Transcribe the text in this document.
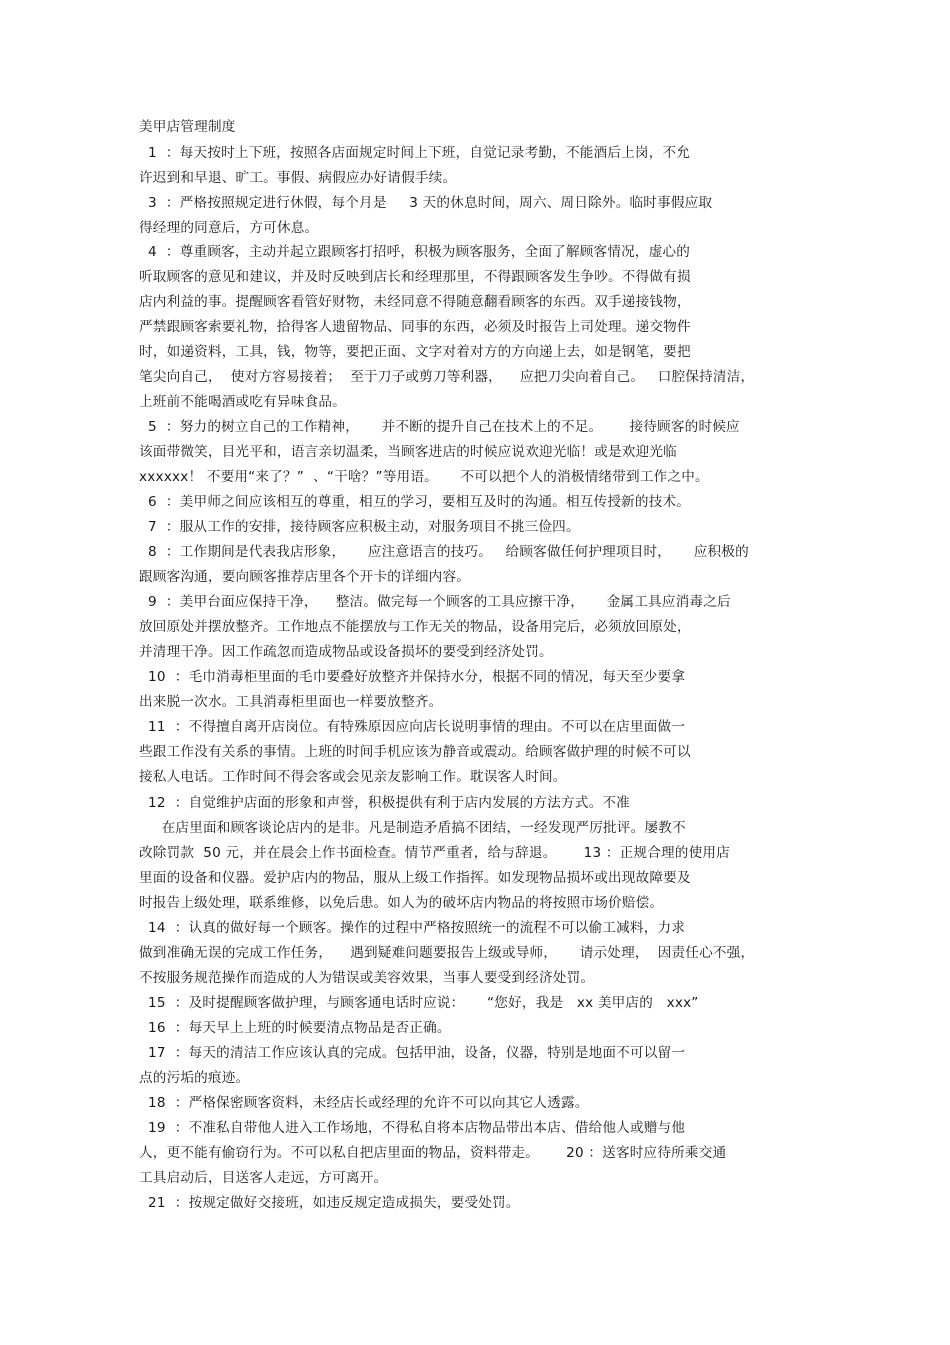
美甲店管理制度
1  ：每天按时上下班，按照各店面规定时间上下班，自觉记录考勤，不能酒后上岗，不允
许迟到和早退、旷工。事假、病假应办好请假手续。
3  ：严格按照规定进行休假，每个月是     3 天的休息时间，周六、周日除外。临时事假应取
得经理的同意后，方可休息。
4  ：尊重顾客，主动并起立跟顾客打招呼，积极为顾客服务，全面了解顾客情况，虚心的
听取顾客的意见和建议，并及时反映到店长和经理那里，不得跟顾客发生争吵。不得做有损
店内利益的事。提醒顾客看管好财物，未经同意不得随意翻看顾客的东西。双手递接钱物，
严禁跟顾客索要礼物，拾得客人遗留物品、同事的东西，必须及时报告上司处理。递交物件
时，如递资料，工具，钱，物等，要把正面、文字对着对方的方向递上去，如是钢笔，要把
笔尖向自己，  使对方容易接着；  至于刀子或剪刀等利器，    应把刀尖向着自己。   口腔保持清洁，
上班前不能喝酒或吃有异味食品。
5  ：努力的树立自己的工作精神，     并不断的提升自己在技术上的不足。      接待顾客的时候应
该面带微笑，目光平和，语言亲切温柔，当顾客进店的时候应说欢迎光临！或是欢迎光临
xxxxxx！ 不要用“来了？”  、“干啥？”等用语。     不可以把个人的消极情绪带到工作之中。
6  ：美甲师之间应该相互的尊重，相互的学习，要相互及时的沟通。相互传授新的技术。
7  ：服从工作的安排，接待顾客应积极主动，对服务项目不挑三俭四。
8  ：工作期间是代表我店形象，     应注意语言的技巧。   给顾客做任何护理项目时，     应积极的
跟顾客沟通，要向顾客推荐店里各个开卡的详细内容。
9  ：美甲台面应保持干净，    整洁。做完每一个顾客的工具应擦干净，     金属工具应消毒之后
放回原处并摆放整齐。工作地点不能摆放与工作无关的物品，设备用完后，必须放回原处，
并清理干净。因工作疏忽而造成物品或设备损坏的要受到经济处罚。
10  ：毛巾消毒柜里面的毛巾要叠好放整齐并保持水分，根据不同的情况，每天至少要拿
出来脱一次水。工具消毒柜里面也一样要放整齐。
11  ：不得擅自离开店岗位。有特殊原因应向店长说明事情的理由。不可以在店里面做一
些跟工作没有关系的事情。上班的时间手机应该为静音或震动。给顾客做护理的时候不可以
接私人电话。工作时间不得会客或会见亲友影响工作。耽误客人时间。
12  ：自觉维护店面的形象和声誉，积极提供有利于店内发展的方法方式。不准
在店里面和顾客谈论店内的是非。凡是制造矛盾搞不团结，一经发现严厉批评。屡教不
改除罚款  50 元，并在晨会上作书面检查。情节严重者，给与辞退。      13 ：正规合理的使用店
里面的设备和仪器。爱护店内的物品，服从上级工作指挥。如发现物品损坏或出现故障要及
时报告上级处理，联系维修，以免后患。如人为的破坏店内物品的将按照市场价赔偿。
14  ：认真的做好每一个顾客。操作的过程中严格按照统一的流程不可以偷工减料，力求
做到准确无误的完成工作任务，    遇到疑难问题要报告上级或导师，     请示处理，  因责任心不强，
不按服务规范操作而造成的人为错误或美容效果，当事人要受到经济处罚。
15  ：及时提醒顾客做护理，与顾客通电话时应说：     “您好，我是   xx 美甲店的   xxx”
16  ：每天早上上班的时候要清点物品是否正确。
17  ：每天的清洁工作应该认真的完成。包括甲油，设备，仪器，特别是地面不可以留一
点的污垢的痕迹。
18  ：严格保密顾客资料，未经店长或经理的允许不可以向其它人透露。
19  ：不准私自带他人进入工作场地，不得私自将本店物品带出本店、借给他人或赠与他
人，更不能有偷窃行为。不可以私自把店里面的物品，资料带走。      20 ：送客时应待所乘交通
工具启动后，目送客人走远，方可离开。
21  ：按规定做好交接班，如违反规定造成损失，要受处罚。
